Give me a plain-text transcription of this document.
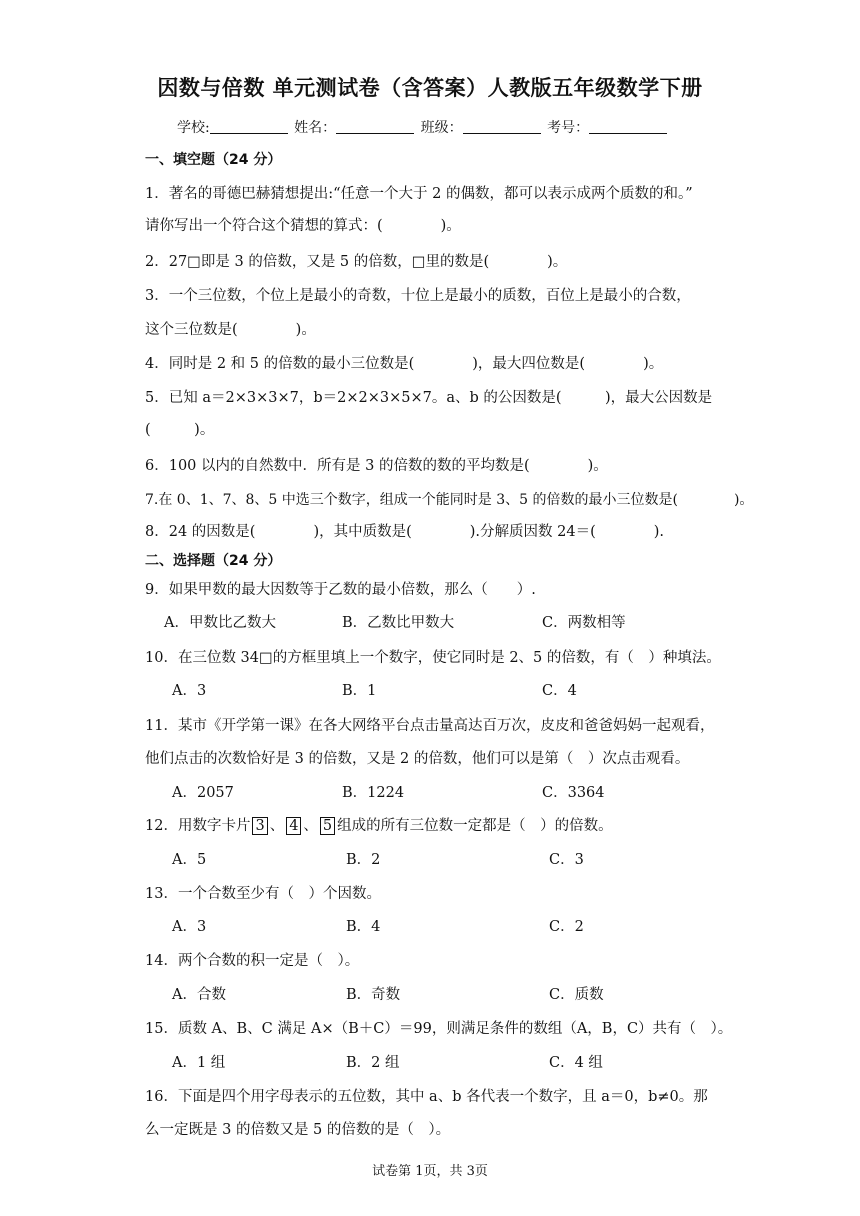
因数与倍数 单元测试卷（含答案）人教版五年级数学下册
学校:	姓名：	班级：	考号：
一、填空题（24 分）
1．著名的哥德巴赫猜想提出:“任意一个大于 2 的偶数，都可以表示成两个质数的和。”
请你写出一个符合这个猜想的算式：(　　　　)。
2．27□即是 3 的倍数，又是 5 的倍数，□里的数是(　　　　)。
3．一个三位数，个位上是最小的奇数，十位上是最小的质数，百位上是最小的合数，
这个三位数是(　　　　)。
4．同时是 2 和 5 的倍数的最小三位数是(　　　　)，最大四位数是(　　　　)。
5．已知 a＝2×3×3×7，b＝2×2×3×5×7。a、b 的公因数是(　　　)，最大公因数是
(　　　)。
6．100 以内的自然数中．所有是 3 的倍数的数的平均数是(　　　　)。
7.在 0、1、7、8、5 中选三个数字，组成一个能同时是 3、5 的倍数的最小三位数是(　　　　)。
8．24 的因数是(　　　　)，其中质数是(　　　　).分解质因数 24＝(　　　　).
二、选择题（24 分）
9．如果甲数的最大因数等于乙数的最小倍数，那么（　　）.
A．甲数比乙数大	B．乙数比甲数大	C．两数相等
10．在三位数 34□的方框里填上一个数字，使它同时是 2、5 的倍数，有（　）种填法。
A．3	B．1	C．4
11．某市《开学第一课》在各大网络平台点击量高达百万次，皮皮和爸爸妈妈一起观看，
他们点击的次数恰好是 3 的倍数，又是 2 的倍数，他们可以是第（　）次点击观看。
A．2057	B．1224	C．3364
12．用数字卡片 3 、 4 、 5 组成的所有三位数一定都是（　）的倍数。
A．5	B．2	C．3
13．一个合数至少有（　）个因数。
A．3	B．4	C．2
14．两个合数的积一定是（　）。
A．合数	B．奇数	C．质数
15．质数 A、B、C 满足 A×（B＋C）＝99，则满足条件的数组（A，B，C）共有（　）。
A．1 组	B．2 组	C．4 组
16．下面是四个用字母表示的五位数，其中 a、b 各代表一个数字，且 a＝0，b≠0。那
么一定既是 3 的倍数又是 5 的倍数的是（　）。
试卷第 1页，共 3页
